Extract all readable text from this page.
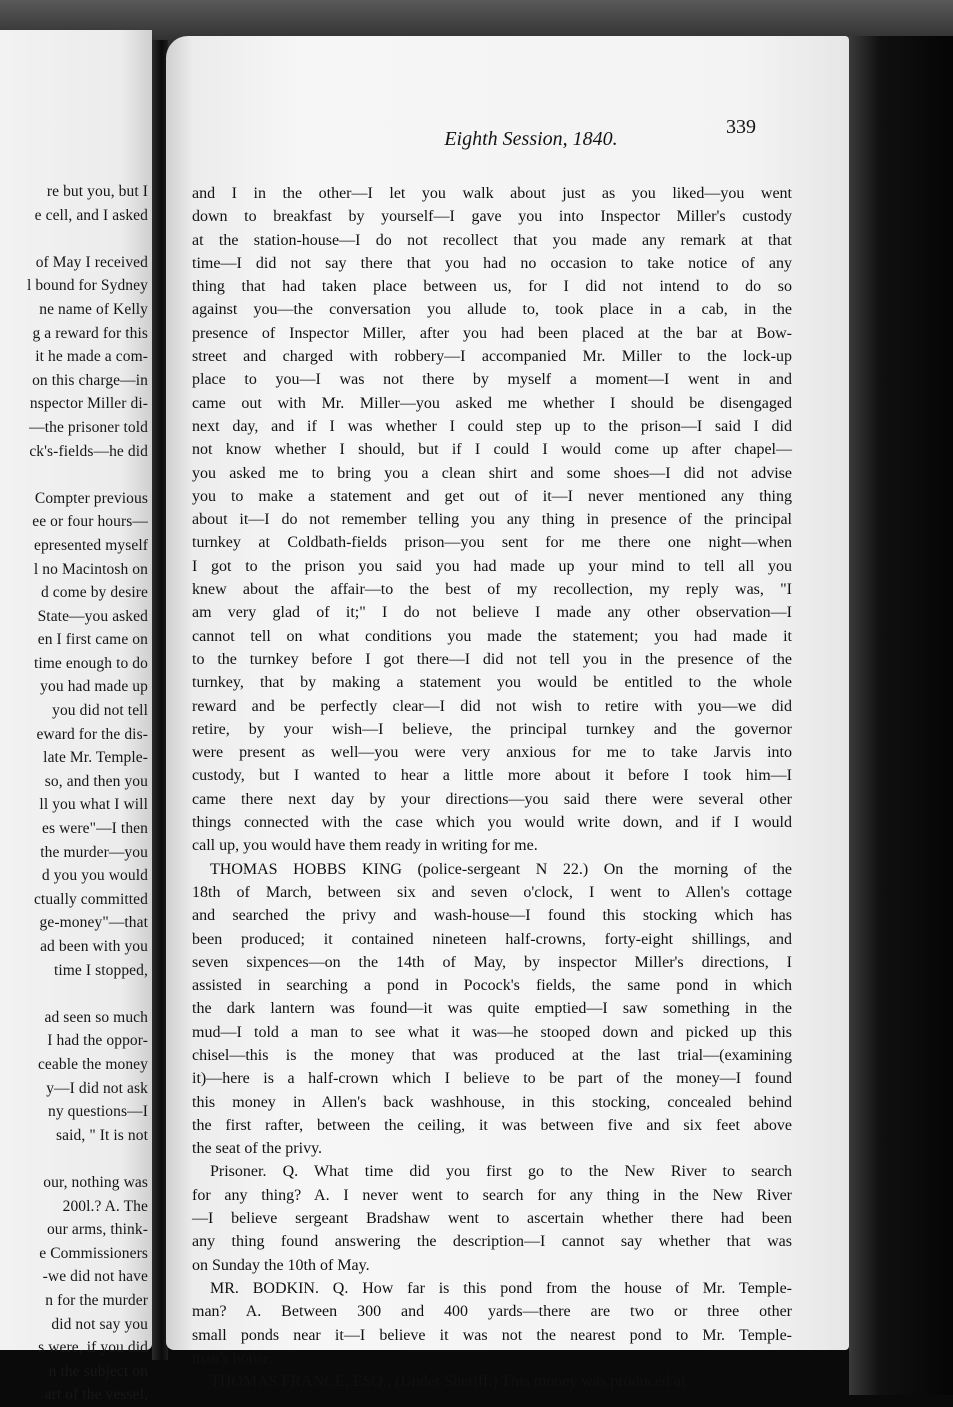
re but you, but I
e cell, and I asked
of May I received
l bound for Sydney
ne name of Kelly
g a reward for this
it he made a com-
on this charge—in
nspector Miller di-
—the prisoner told
ck's-fields—he did
Compter previous
ee or four hours—
epresented myself
l no Macintosh on
d come by desire
State—you asked
en I first came on
time enough to do
you had made up
you did not tell
eward for the dis-
late Mr. Temple-
so, and then you
ll you what I will
es were"—I then
the murder—you
d you you would
ctually committed
ge-money"—that
ad been with you
time I stopped,
ad seen so much
I had the oppor-
ceable the money
y—I did not ask
ny questions—I
said, " It is not
our, nothing was
200l.? A. The
our arms, think-
e Commissioners
-we did not have
n for the murder
did not say you
s were, if you did
n the subject on
art of the vessel,
Eighth Session, 1840.
339
and I in the other—I let you walk about just as you liked—you went
down to breakfast by yourself—I gave you into Inspector Miller's custody
at the station-house—I do not recollect that you made any remark at that
time—I did not say there that you had no occasion to take notice of any
thing that had taken place between us, for I did not intend to do so
against you—the conversation you allude to, took place in a cab, in the
presence of Inspector Miller, after you had been placed at the bar at Bow-
street and charged with robbery—I accompanied Mr. Miller to the lock-up
place to you—I was not there by myself a moment—I went in and
came out with Mr. Miller—you asked me whether I should be disengaged
next day, and if I was whether I could step up to the prison—I said I did
not know whether I should, but if I could I would come up after chapel—
you asked me to bring you a clean shirt and some shoes—I did not advise
you to make a statement and get out of it—I never mentioned any thing
about it—I do not remember telling you any thing in presence of the principal
turnkey at Coldbath-fields prison—you sent for me there one night—when
I got to the prison you said you had made up your mind to tell all you
knew about the affair—to the best of my recollection, my reply was, "I
am very glad of it;" I do not believe I made any other observation—I
cannot tell on what conditions you made the statement; you had made it
to the turnkey before I got there—I did not tell you in the presence of the
turnkey, that by making a statement you would be entitled to the whole
reward and be perfectly clear—I did not wish to retire with you—we did
retire, by your wish—I believe, the principal turnkey and the governor
were present as well—you were very anxious for me to take Jarvis into
custody, but I wanted to hear a little more about it before I took him—I
came there next day by your directions—you said there were several other
things connected with the case which you would write down, and if I would
call up, you would have them ready in writing for me.
THOMAS HOBBS KING (police-sergeant N 22.) On the morning of the
18th of March, between six and seven o'clock, I went to Allen's cottage
and searched the privy and wash-house—I found this stocking which has
been produced; it contained nineteen half-crowns, forty-eight shillings, and
seven sixpences—on the 14th of May, by inspector Miller's directions, I
assisted in searching a pond in Pocock's fields, the same pond in which
the dark lantern was found—it was quite emptied—I saw something in the
mud—I told a man to see what it was—he stooped down and picked up this
chisel—this is the money that was produced at the last trial—(examining
it)—here is a half-crown which I believe to be part of the money—I found
this money in Allen's back washhouse, in this stocking, concealed behind
the first rafter, between the ceiling, it was between five and six feet above
the seat of the privy.
Prisoner. Q. What time did you first go to the New River to search
for any thing? A. I never went to search for any thing in the New River
—I believe sergeant Bradshaw went to ascertain whether there had been
any thing found answering the description—I cannot say whether that was
on Sunday the 10th of May.
MR. BODKIN. Q. How far is this pond from the house of Mr. Temple-
man? A. Between 300 and 400 yards—there are two or three other
small ponds near it—I believe it was not the nearest pond to Mr. Temple-
man's house.
THOMAS FRANCE, ESQ., (Under Sheriff.) This money was produced at
